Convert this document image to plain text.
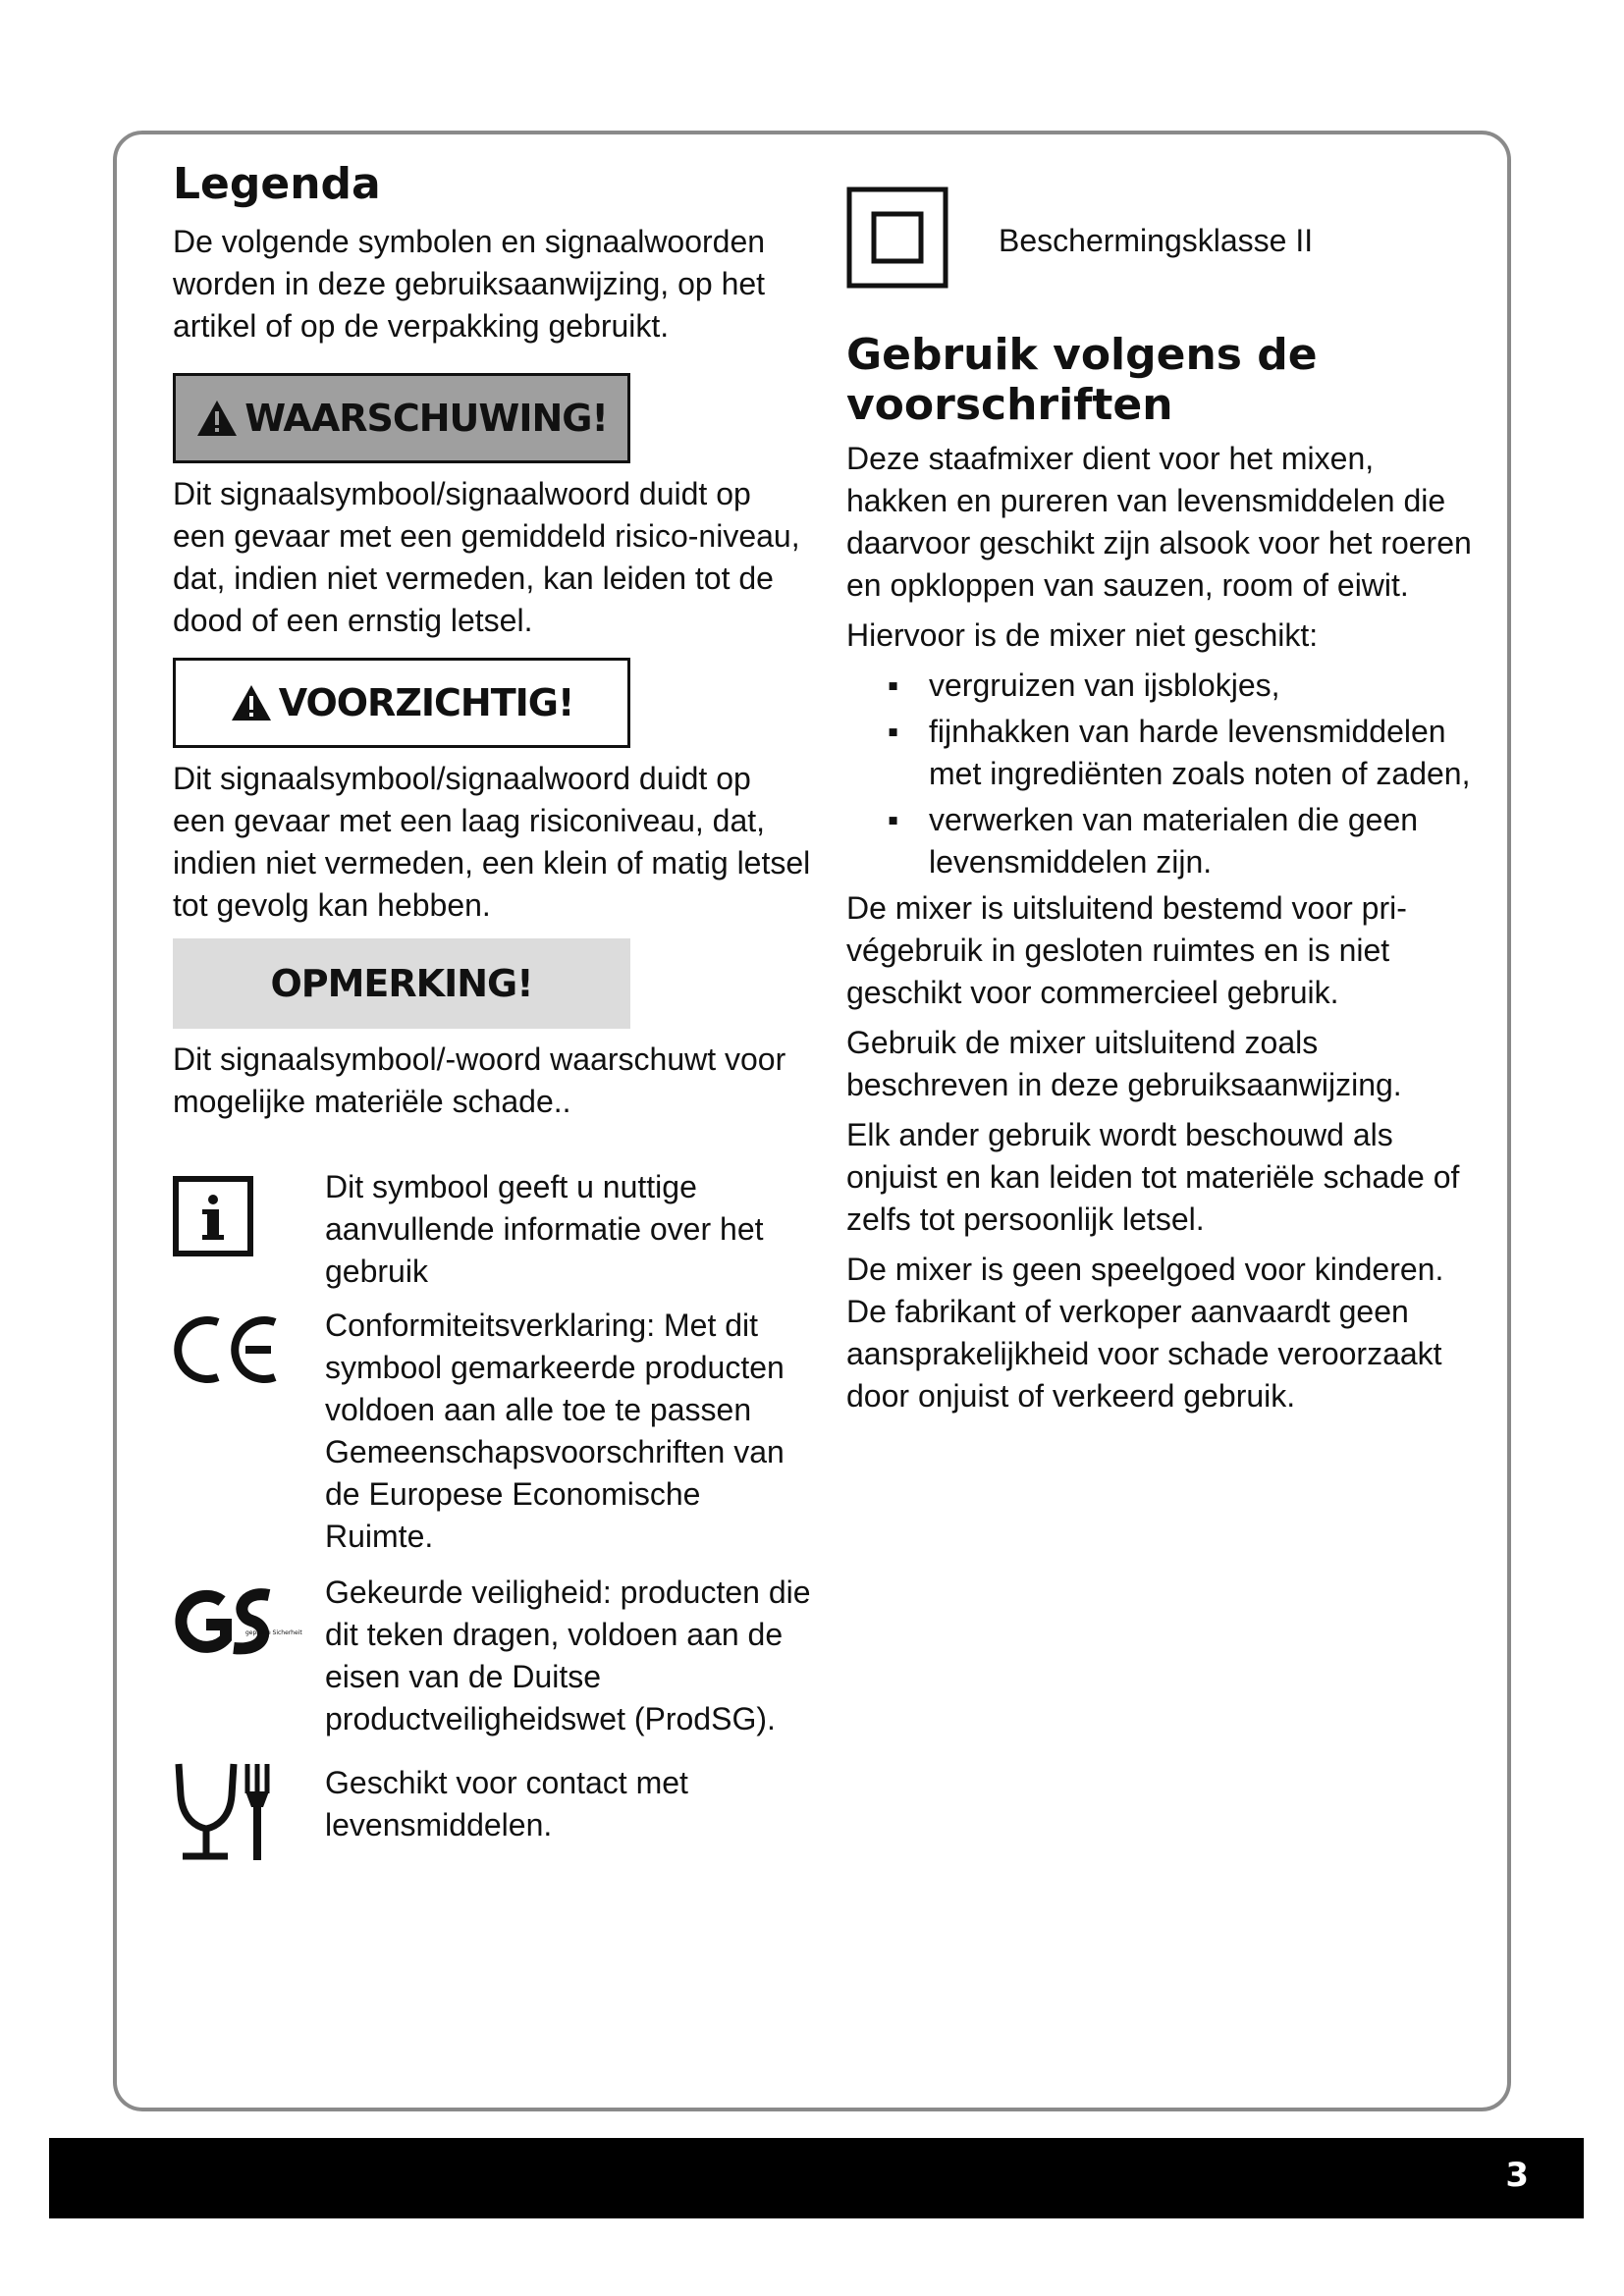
Legenda

De volgende symbolen en signaalwoorden worden in deze gebruiksaanwijzing, op het artikel of op de verpakking gebruikt.

WAARSCHUWING!

Dit signaalsymbool/signaalwoord duidt op een gevaar met een gemiddeld risico-niveau, dat, indien niet vermeden, kan leiden tot de dood of een ernstig letsel.

VOORZICHTIG!

Dit signaalsymbool/signaalwoord duidt op een gevaar met een laag risiconiveau, dat, indien niet vermeden, een klein of matig letsel tot gevolg kan hebben.

OPMERKING!

Dit signaalsymbool/-woord waarschuwt voor mogelijke materiële schade..

Dit symbool geeft u nuttige aanvullende informatie over het gebruik

Conformiteitsverklaring: Met dit symbool gemarkeerde producten voldoen aan alle toe te passen Gemeenschapsvoorschriften van de Europese Economische Ruimte.

geprüfte Sicherheit

Gekeurde veiligheid: producten die dit teken dragen, voldoen aan de eisen van de Duitse productveiligheidswet (ProdSG).

Geschikt voor contact met levensmiddelen.

Beschermingsklasse II

Gebruik volgens de voorschriften

Deze staafmixer dient voor het mixen, hakken en pureren van levensmiddelen die daarvoor geschikt zijn alsook voor het roeren en opkloppen van sauzen, room of eiwit.

Hiervoor is de mixer niet geschikt:

▪ vergruizen van ijsblokjes,
▪ fijnhakken van harde levensmiddelen met ingrediënten zoals noten of zaden,
▪ verwerken van materialen die geen levensmiddelen zijn.

De mixer is uitsluitend bestemd voor privégebruik in gesloten ruimtes en is niet geschikt voor commercieel gebruik.

Gebruik de mixer uitsluitend zoals beschreven in deze gebruiksaanwijzing.

Elk ander gebruik wordt beschouwd als onjuist en kan leiden tot materiële schade of zelfs tot persoonlijk letsel.

De mixer is geen speelgoed voor kinderen. De fabrikant of verkoper aanvaardt geen aansprakelijkheid voor schade veroorzaakt door onjuist of verkeerd gebruik.

3
